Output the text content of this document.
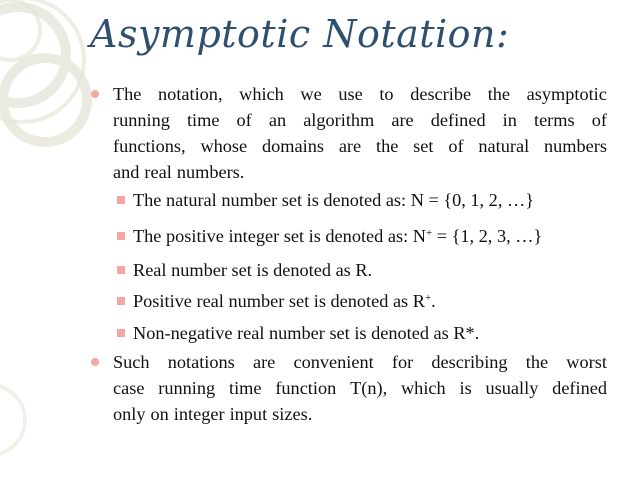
Asymptotic Notation:
The notation, which we use to describe the asymptotic
running time of an algorithm are defined in terms of
functions, whose domains are the set of natural numbers
and real numbers.
The natural number set is denoted as: N = {0, 1, 2, …}
The positive integer set is denoted as: N+ = {1, 2, 3, …}
Real number set is denoted as R.
Positive real number set is denoted as R+.
Non-negative real number set is denoted as R*.
Such notations are convenient for describing the worst
case running time function T(n), which is usually defined
only on integer input sizes.
